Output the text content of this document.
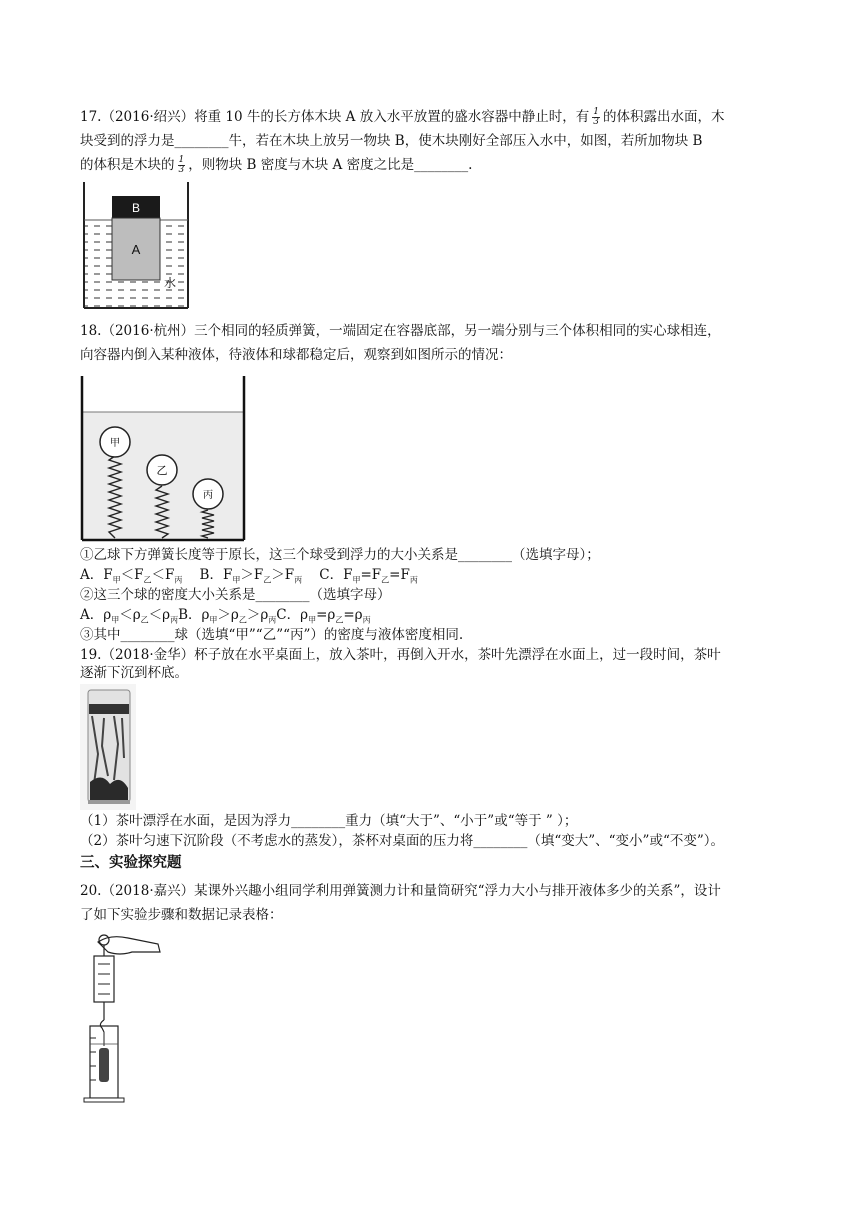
17.（2016·绍兴）将重 10 牛的长方体木块 A 放入水平放置的盛水容器中静止时，有 $\frac{1}{3}$ 的体积露出水面，木
块受到的浮力是________牛，若在木块上放另一物块 B，使木块刚好全部压入水中，如图，若所加物块 B
的体积是木块的 $\frac{1}{3}$ ，则物块 B 密度与木块 A 密度之比是________.
B
A
水
18.（2016·杭州）三个相同的轻质弹簧，一端固定在容器底部，另一端分别与三个体积相同的实心球相连，
向容器内倒入某种液体，待液体和球都稳定后，观察到如图所示的情况：
甲
乙
丙
①乙球下方弹簧长度等于原长，这三个球受到浮力的大小关系是________（选填字母）；
A．$F_甲<F_乙<F_丙$ B．$F_甲>F_乙>F_丙$ C．$F_甲=F_乙=F_丙$
②这三个球的密度大小关系是________（选填字母）
A．$\rho_甲<\rho_乙<\rho_丙B$．$\rho_甲>\rho_乙>\rho_丙C$．$\rho_甲=\rho_乙=\rho_丙$
③其中________球（选填“甲”“乙”“丙”）的密度与液体密度相同.
19.（2018·金华）杯子放在水平桌面上，放入茶叶，再倒入开水，茶叶先漂浮在水面上，过一段时间，茶叶
逐渐下沉到杯底。
（1）茶叶漂浮在水面，是因为浮力________重力（填“大于”、“小于”或“等于 ” ）；
（2）茶叶匀速下沉阶段（不考虑水的蒸发），茶杯对桌面的压力将________（填“变大”、“变小”或“不变”）。
三、实验探究题
20.（2018·嘉兴）某课外兴趣小组同学利用弹簧测力计和量筒研究“浮力大小与排开液体多少的关系”，设计
了如下实验步骤和数据记录表格：
